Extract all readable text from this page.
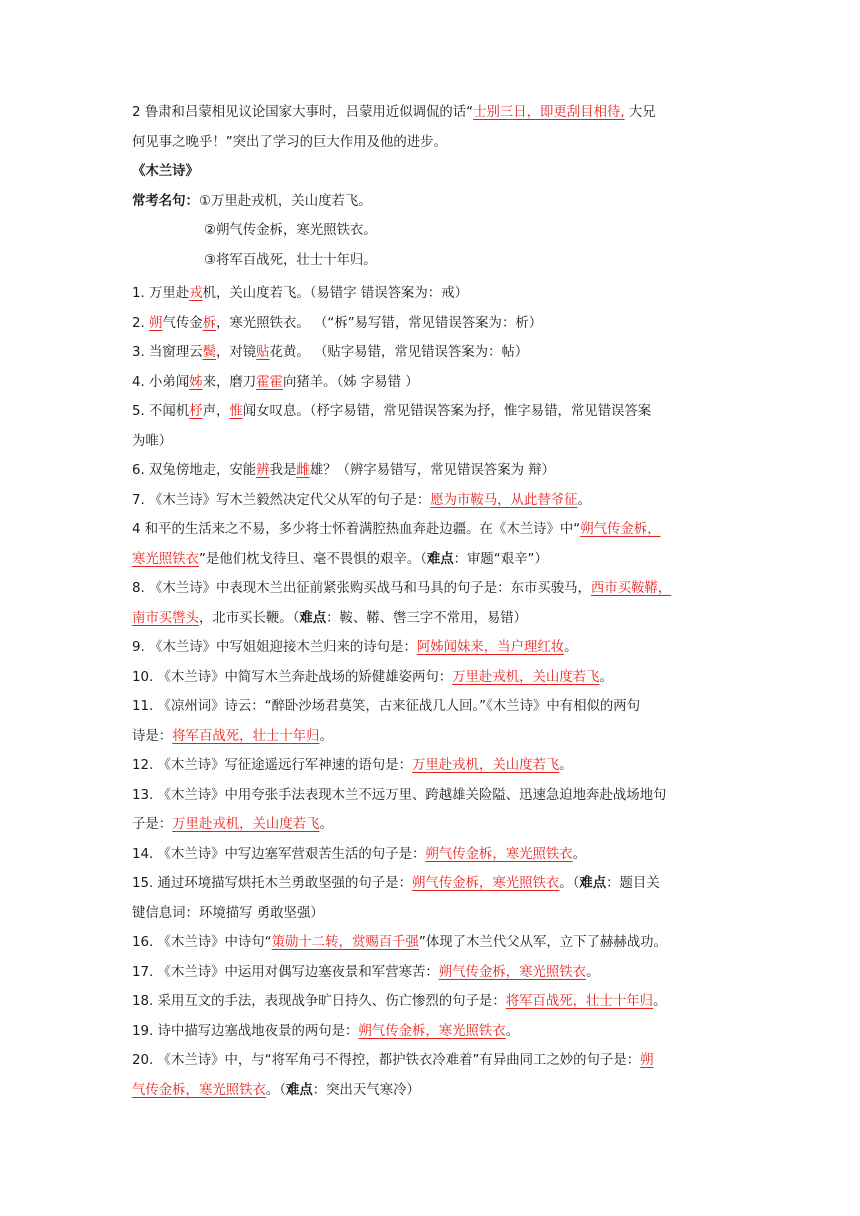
2 鲁肃和吕蒙相见议论国家大事时，吕蒙用近似调侃的话“士别三日，即更刮目相待, 大兄
何见事之晚乎！”突出了学习的巨大作用及他的进步。
《木兰诗》
常考名句：①万里赴戎机，关山度若飞。
②朔气传金柝，寒光照铁衣。
③将军百战死，壮士十年归。
1. 万里赴戎机，关山度若飞。（易错字 错误答案为：戒）
2. 朔气传金柝，寒光照铁衣。 （“柝”易写错，常见错误答案为：析）
3. 当窗理云鬓，对镜贴花黄。 （贴字易错，常见错误答案为：帖）
4. 小弟闻姊来，磨刀霍霍向猪羊。（姊 字易错 ）
5. 不闻机杼声，惟闻女叹息。（杼字易错，常见错误答案为抒，惟字易错，常见错误答案
为唯）
6. 双兔傍地走，安能辨我是雌雄？（辨字易错写，常见错误答案为 辩）
7. 《木兰诗》写木兰毅然决定代父从军的句子是：愿为市鞍马，从此替爷征。
4 和平的生活来之不易，多少将士怀着满腔热血奔赴边疆。在《木兰诗》中“朔气传金柝，
寒光照铁衣”是他们枕戈待旦、毫不畏惧的艰辛。（难点：审题“艰辛”）
8. 《木兰诗》中表现木兰出征前紧张购买战马和马具的句子是：东市买骏马，西市买鞍鞯，
南市买辔头，北市买长鞭。（难点：鞍、鞯、辔三字不常用，易错）
9. 《木兰诗》中写姐姐迎接木兰归来的诗句是：阿姊闻妹来，当户理红妆。
10. 《木兰诗》中简写木兰奔赴战场的矫健雄姿两句：万里赴戎机，关山度若飞。
11. 《凉州词》诗云：“醉卧沙场君莫笑，古来征战几人回。”《木兰诗》中有相似的两句
诗是：将军百战死，壮士十年归。
12. 《木兰诗》写征途遥远行军神速的语句是：万里赴戎机，关山度若飞。
13. 《木兰诗》中用夸张手法表现木兰不远万里、跨越雄关险隘、迅速急迫地奔赴战场地句
子是：万里赴戎机，关山度若飞。
14. 《木兰诗》中写边塞军营艰苦生活的句子是：朔气传金柝，寒光照铁衣。
15. 通过环境描写烘托木兰勇敢坚强的句子是：朔气传金柝，寒光照铁衣。（难点：题目关
键信息词：环境描写 勇敢坚强）
16. 《木兰诗》中诗句“策勋十二转，赏赐百千强”体现了木兰代父从军，立下了赫赫战功。
17. 《木兰诗》中运用对偶写边塞夜景和军营寒苦：朔气传金柝，寒光照铁衣。
18. 采用互文的手法，表现战争旷日持久、伤亡惨烈的句子是：将军百战死，壮士十年归。
19. 诗中描写边塞战地夜景的两句是：朔气传金柝，寒光照铁衣。
20. 《木兰诗》中，与“将军角弓不得控，都护铁衣冷难着”有异曲同工之妙的句子是：朔
气传金柝，寒光照铁衣。（难点：突出天气寒冷）
